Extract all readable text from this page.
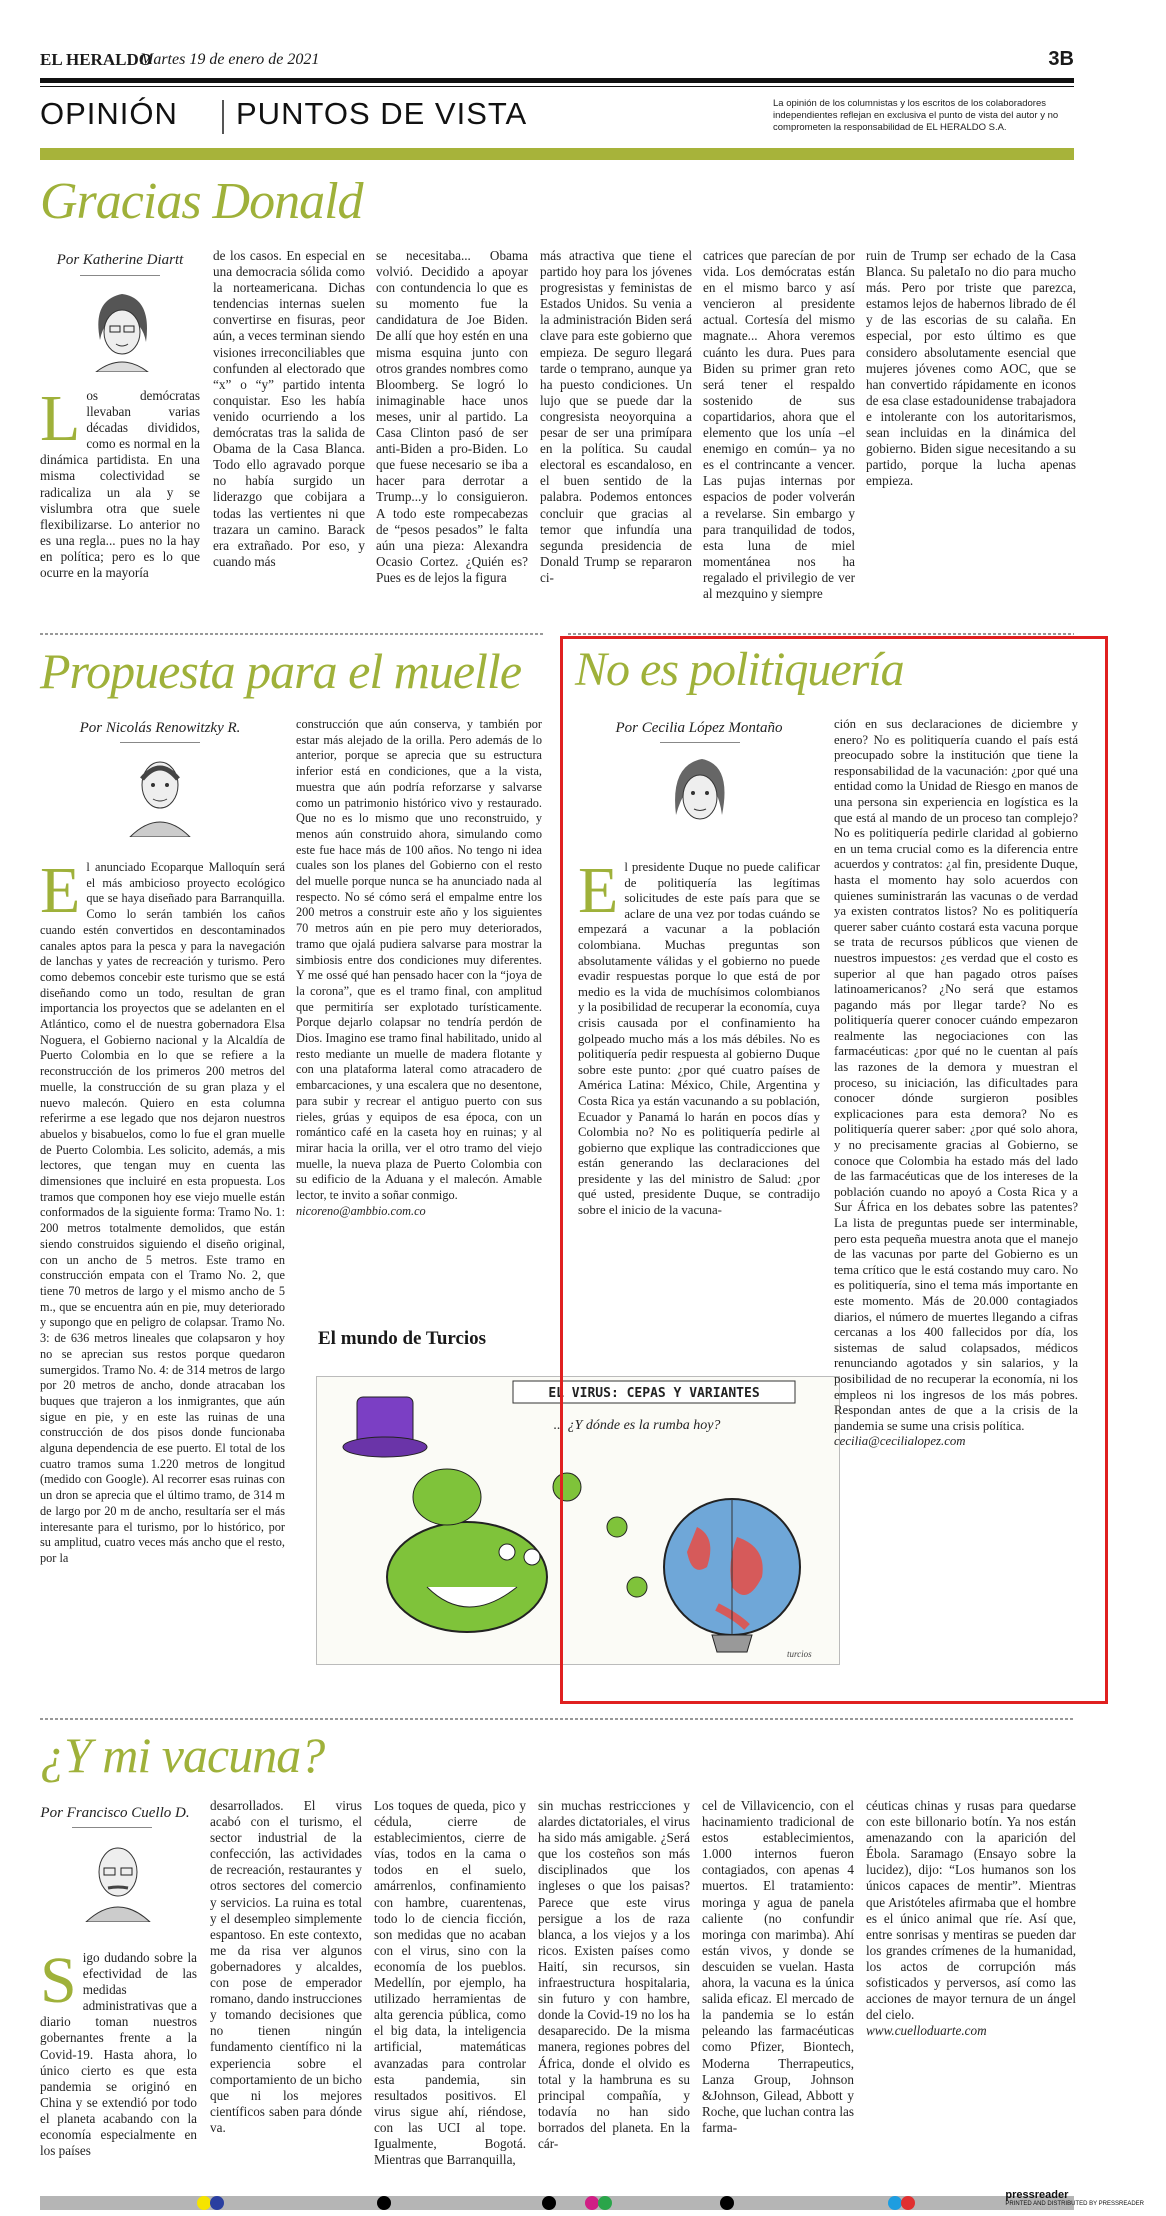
EL HERALDO
Martes 19 de enero de 2021	3B
OPINIÓN PUNTOS DE VISTA	La opinión de los columnistas y los escritos de los colaboradores independientes reflejan en exclusiva el punto de vista del autor y no comprometen la responsabilidad de EL HERALDO S.A.
Gracias Donald
Por Katherine Diartt
Los demócratas llevaban varias décadas divididos, como es normal en la dinámica partidista. En una misma colectividad se radicaliza un ala y se vislumbra otra que suele flexibilizarse. Lo anterior no es una regla... pues no la hay en política; pero es lo que ocurre en la mayoría
de los casos. En especial en una democracia sólida como la norteamericana. Dichas tendencias internas suelen convertirse en fisuras, peor aún, a veces terminan siendo visiones irreconciliables que confunden al electorado que “x” o “y” partido intenta conquistar. Eso les había venido ocurriendo a los demócratas tras la salida de Obama de la Casa Blanca. Todo ello agravado porque no había surgido un liderazgo que cobijara a todas las vertientes ni que trazara un camino. Barack era extrañado. Por eso, y cuando más
se necesitaba... Obama volvió. Decidido a apoyar con contundencia lo que es su momento fue la candidatura de Joe Biden. De allí que hoy estén en una misma esquina junto con otros grandes nombres como Bloomberg. Se logró lo inimaginable hace unos meses, unir al partido. La Casa Clinton pasó de ser anti-Biden a pro-Biden. Lo que fuese necesario se iba a hacer para derrotar a Trump...y lo consiguieron. A todo este rompecabezas de “pesos pesados” le falta aún una pieza: Alexandra Ocasio Cortez. ¿Quién es? Pues es de lejos la figura
más atractiva que tiene el partido hoy para los jóvenes progresistas y feministas de Estados Unidos. Su venia a la administración Biden será clave para este gobierno que empieza. De seguro llegará tarde o temprano, aunque ya ha puesto condiciones. Un lujo que se puede dar la congresista neoyorquina a pesar de ser una primípara en la política. Su caudal electoral es escandaloso, en el buen sentido de la palabra. Podemos entonces concluir que gracias al temor que infundía una segunda presidencia de Donald Trump se repararon ci-
catrices que parecían de por vida. Los demócratas están en el mismo barco y así vencieron al presidente actual. Cortesía del mismo magnate... Ahora veremos cuánto les dura. Pues para Biden su primer gran reto será tener el respaldo sostenido de sus copartidarios, ahora que el elemento que los unía –el enemigo en común– ya no es el contrincante a vencer. Las pujas internas por espacios de poder volverán a revelarse. Sin embargo y para tranquilidad de todos, esta luna de miel momentánea nos ha regalado el privilegio de ver al mezquino y siempre
ruin de Trump ser echado de la Casa Blanca. Su paletaIo no dio para mucho más. Pero por triste que parezca, estamos lejos de habernos librado de él y de las escorias de su calaña. En especial, por esto último es que considero absolutamente esencial que mujeres jóvenes como AOC, que se han convertido rápidamente en iconos de esa clase estadounidense trabajadora e intolerante con los autoritarismos, sean incluidas en la dinámica del gobierno. Biden sigue necesitando a su partido, porque la lucha apenas empieza.
Propuesta para el muelle
Por Nicolás Renowitzky R.
El anunciado Ecoparque Malloquín será el más ambicioso proyecto ecológico que se haya diseñado para Barranquilla. Como lo serán también los caños cuando estén convertidos en descontaminados canales aptos para la pesca y para la navegación de lanchas y yates de recreación y turismo. Pero como debemos concebir este turismo que se está diseñando como un todo, resultan de gran importancia los proyectos que se adelanten en el Atlántico, como el de nuestra gobernadora Elsa Noguera, el Gobierno nacional y la Alcaldía de Puerto Colombia en lo que se refiere a la reconstrucción de los primeros 200 metros del muelle, la construcción de su gran plaza y el nuevo malecón. Quiero en esta columna referirme a ese legado que nos dejaron nuestros abuelos y bisabuelos, como lo fue el gran muelle de Puerto Colombia. Les solicito, además, a mis lectores, que tengan muy en cuenta las dimensiones que incluiré en esta propuesta. Los tramos que componen hoy ese viejo muelle están conformados de la siguiente forma: Tramo No. 1: 200 metros totalmente demolidos, que están siendo construidos siguiendo el diseño original, con un ancho de 5 metros. Este tramo en construcción empata con el Tramo No. 2, que tiene 70 metros de largo y el mismo ancho de 5 m., que se encuentra aún en pie, muy deteriorado y supongo que en peligro de colapsar. Tramo No. 3: de 636 metros lineales que colapsaron y hoy no se aprecian sus restos porque quedaron sumergidos. Tramo No. 4: de 314 metros de largo por 20 metros de ancho, donde atracaban los buques que trajeron a los inmigrantes, que aún sigue en pie, y en este las ruinas de una construcción de dos pisos donde funcionaba alguna dependencia de ese puerto. El total de los cuatro tramos suma 1.220 metros de longitud (medido con Google). Al recorrer esas ruinas con un dron se aprecia que el último tramo, de 314 m de largo por 20 m de ancho, resultaría ser el más interesante para el turismo, por lo histórico, por su amplitud, cuatro veces más ancho que el resto, por la
construcción que aún conserva, y también por estar más alejado de la orilla. Pero además de lo anterior, porque se aprecia que su estructura inferior está en condiciones, que a la vista, muestra que aún podría reforzarse y salvarse como un patrimonio histórico vivo y restaurado. Que no es lo mismo que uno reconstruido, y menos aún construido ahora, simulando como este fue hace más de 100 años. No tengo ni idea cuales son los planes del Gobierno con el resto del muelle porque nunca se ha anunciado nada al respecto. No sé cómo será el empalme entre los 200 metros a construir este año y los siguientes 70 metros aún en pie pero muy deteriorados, tramo que ojalá pudiera salvarse para mostrar la simbiosis entre dos condiciones muy diferentes. Y me ossé qué han pensado hacer con la “joya de la corona”, que es el tramo final, con amplitud que permitiría ser explotado turísticamente. Porque dejarlo colapsar no tendría perdón de Dios. Imagino ese tramo final habilitado, unido al resto mediante un muelle de madera flotante y con una plataforma lateral como atracadero de embarcaciones, y una escalera que no desentone, para subir y recrear el antiguo puerto con sus rieles, grúas y equipos de esa época, con un romántico café en la caseta hoy en ruinas; y al mirar hacia la orilla, ver el otro tramo del viejo muelle, la nueva plaza de Puerto Colombia con su edificio de la Aduana y el malecón. Amable lector, te invito a soñar conmigo.
nicoreno@ambbio.com.co
El mundo de Turcios
EL VIRUS: CEPAS Y VARIANTES
... ¿Y dónde es la rumba hoy?
turcios
No es politiquería
Por Cecilia López Montaño
El presidente Duque no puede calificar de politiquería las legítimas solicitudes de este país para que se aclare de una vez por todas cuándo se empezará a vacunar a la población colombiana. Muchas preguntas son absolutamente válidas y el gobierno no puede evadir respuestas porque lo que está de por medio es la vida de muchísimos colombianos y la posibilidad de recuperar la economía, cuya crisis causada por el confinamiento ha golpeado mucho más a los más débiles. No es politiquería pedir respuesta al gobierno Duque sobre este punto: ¿por qué cuatro países de América Latina: México, Chile, Argentina y Costa Rica ya están vacunando a su población, Ecuador y Panamá lo harán en pocos días y Colombia no? No es politiquería pedirle al gobierno que explique las contradicciones que están generando las declaraciones del presidente y las del ministro de Salud: ¿por qué usted, presidente Duque, se contradijo sobre el inicio de la vacuna-
ción en sus declaraciones de diciembre y enero? No es politiquería cuando el país está preocupado sobre la institución que tiene la responsabilidad de la vacunación: ¿por qué una entidad como la Unidad de Riesgo en manos de una persona sin experiencia en logística es la que está al mando de un proceso tan complejo? No es politiquería pedirle claridad al gobierno en un tema crucial como es la diferencia entre acuerdos y contratos: ¿al fin, presidente Duque, hasta el momento hay solo acuerdos con quienes suministrarán las vacunas o de verdad ya existen contratos listos? No es politiquería querer saber cuánto costará esta vacuna porque se trata de recursos públicos que vienen de nuestros impuestos: ¿es verdad que el costo es superior al que han pagado otros países latinoamericanos? ¿No será que estamos pagando más por llegar tarde? No es politiquería querer conocer cuándo empezaron realmente las negociaciones con las farmacéuticas: ¿por qué no le cuentan al país las razones de la demora y muestran el proceso, su iniciación, las dificultades para conocer dónde surgieron posibles explicaciones para esta demora? No es politiquería querer saber: ¿por qué solo ahora, y no precisamente gracias al Gobierno, se conoce que Colombia ha estado más del lado de las farmacéuticas que de los intereses de la población cuando no apoyó a Costa Rica y a Sur África en los debates sobre las patentes? La lista de preguntas puede ser interminable, pero esta pequeña muestra anota que el manejo de las vacunas por parte del Gobierno es un tema crítico que le está costando muy caro. No es politiquería, sino el tema más importante en este momento. Más de 20.000 contagiados diarios, el número de muertes llegando a cifras cercanas a los 400 fallecidos por día, los sistemas de salud colapsados, médicos renunciando agotados y sin salarios, y la posibilidad de no recuperar la economía, ni los empleos ni los ingresos de los más pobres. Respondan antes de que a la crisis de la pandemia se sume una crisis política.
cecilia@cecilialopez.com
¿Y mi vacuna?
Por Francisco Cuello D.
Sigo dudando sobre la efectividad de las medidas administrativas que a diario toman nuestros gobernantes frente a la Covid-19. Hasta ahora, lo único cierto es que esta pandemia se originó en China y se extendió por todo el planeta acabando con la economía especialmente en los países
desarrollados. El virus acabó con el turismo, el sector industrial de la confección, las actividades de recreación, restaurantes y otros sectores del comercio y servicios. La ruina es total y el desempleo simplemente espantoso. En este contexto, me da risa ver algunos gobernadores y alcaldes, con pose de emperador romano, dando instrucciones y tomando decisiones que no tienen ningún fundamento científico ni la experiencia sobre el comportamiento de un bicho que ni los mejores científicos saben para dónde va.
Los toques de queda, pico y cédula, cierre de establecimientos, cierre de vías, todos en la cama o todos en el suelo, amárrenlos, confinamiento con hambre, cuarentenas, todo lo de ciencia ficción, son medidas que no acaban con el virus, sino con la economía de los pueblos. Medellín, por ejemplo, ha utilizado herramientas de alta gerencia pública, como el big data, la inteligencia artificial, matemáticas avanzadas para controlar esta pandemia, sin resultados positivos. El virus sigue ahí, riéndose, con las UCI al tope. Igualmente, Bogotá. Mientras que Barranquilla,
sin muchas restricciones y alardes dictatoriales, el virus ha sido más amigable. ¿Será que los costeños son más disciplinados que los ingleses o que los paisas? Parece que este virus persigue a los de raza blanca, a los viejos y a los ricos. Existen países como Haití, sin recursos, sin infraestructura hospitalaria, sin futuro y con hambre, donde la Covid-19 no los ha desaparecido. De la misma manera, regiones pobres del África, donde el olvido es total y la hambruna es su principal compañía, y todavía no han sido borrados del planeta. En la cár-
cel de Villavicencio, con el hacinamiento tradicional de estos establecimientos, 1.000 internos fueron contagiados, con apenas 4 muertos. El tratamiento: moringa y agua de panela caliente (no confundir moringa con marimba). Ahí están vivos, y donde se descuiden se vuelan. Hasta ahora, la vacuna es la única salida eficaz. El mercado de la pandemia se lo están peleando las farmacéuticas como Pfizer, Biontech, Moderna Therrapeutics, Lanza Group, Johnson &Johnson, Gilead, Abbott y Roche, que luchan contra las farma-
céuticas chinas y rusas para quedarse con este billonario botín. Ya nos están amenazando con la aparición del Ébola. Saramago (Ensayo sobre la lucidez), dijo: “Los humanos son los únicos capaces de mentir”. Mientras que Aristóteles afirmaba que el hombre es el único animal que ríe. Así que, entre sonrisas y mentiras se pueden dar los grandes crímenes de la humanidad, los actos de corrupción más sofisticados y perversos, así como las acciones de mayor ternura de un ángel del cielo.
www.cuelloduarte.com
pressreader
PRINTED AND DISTRIBUTED BY PRESSREADER
